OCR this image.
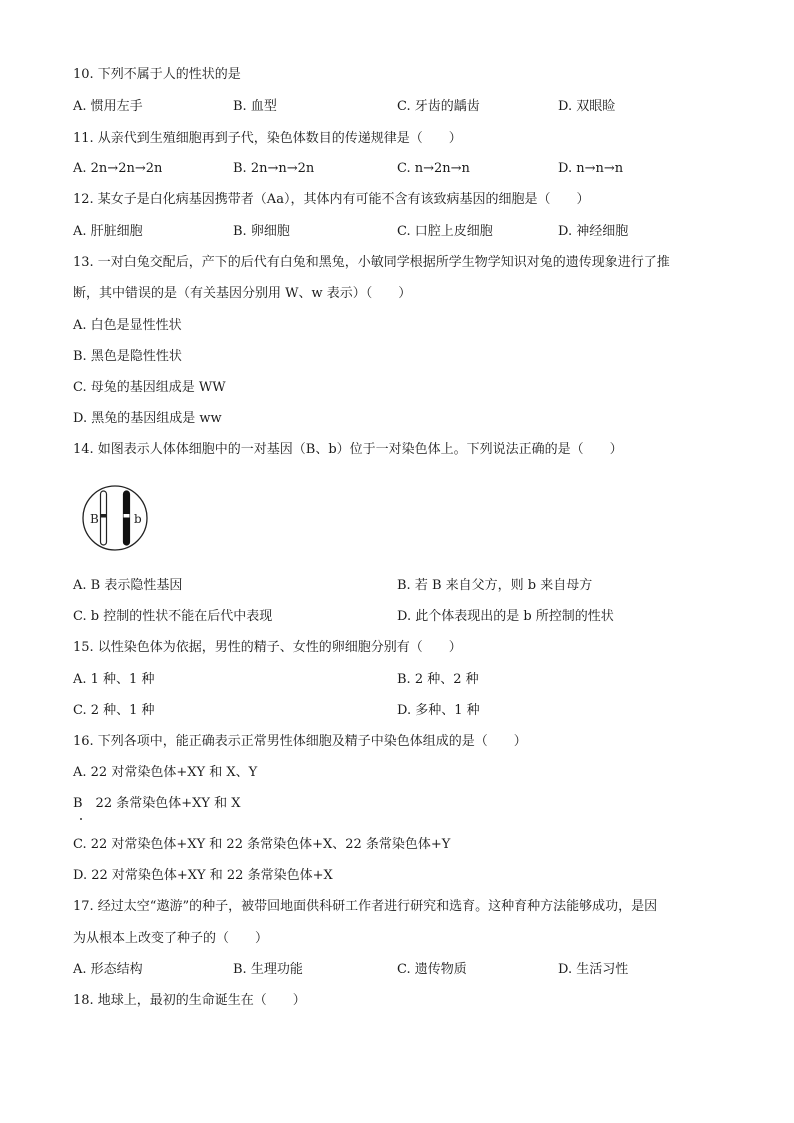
10. 下列不属于人的性状的是
A. 惯用左手	B. 血型	C. 牙齿的龋齿	D. 双眼睑
11. 从亲代到生殖细胞再到子代，染色体数目的传递规律是（　　）
A. 2n→2n→2n	B. 2n→n→2n	C. n→2n→n	D. n→n→n
12. 某女子是白化病基因携带者（Aa），其体内有可能不含有该致病基因的细胞是（　　）
A. 肝脏细胞	B. 卵细胞	C. 口腔上皮细胞	D. 神经细胞
13. 一对白兔交配后，产下的后代有白兔和黑兔，小敏同学根据所学生物学知识对兔的遗传现象进行了推
断，其中错误的是（有关基因分别用 W、w 表示）（　　）
A. 白色是显性性状
B. 黑色是隐性性状
C. 母兔的基因组成是 WW
D. 黑兔的基因组成是 ww
14. 如图表示人体体细胞中的一对基因（B、b）位于一对染色体上。下列说法正确的是（　　）
B	b
A. B 表示隐性基因	B. 若 B 来自父方，则 b 来自母方
C. b 控制的性状不能在后代中表现	D. 此个体表现出的是 b 所控制的性状
15. 以性染色体为依据，男性的精子、女性的卵细胞分别有（　　）
A. 1 种、1 种	B. 2 种、2 种
C. 2 种、1 种	D. 多种、1 种
16. 下列各项中，能正确表示正常男性体细胞及精子中染色体组成的是（　　）
A. 22 对常染色体+XY 和 X、Y
B　22 条常染色体+XY 和 X
C. 22 对常染色体+XY 和 22 条常染色体+X、22 条常染色体+Y
D. 22 对常染色体+XY 和 22 条常染色体+X
17. 经过太空“遨游”的种子，被带回地面供科研工作者进行研究和选育。这种育种方法能够成功，是因
为从根本上改变了种子的（　　）
A. 形态结构	B. 生理功能	C. 遗传物质	D. 生活习性
18. 地球上，最初的生命诞生在（　　）
